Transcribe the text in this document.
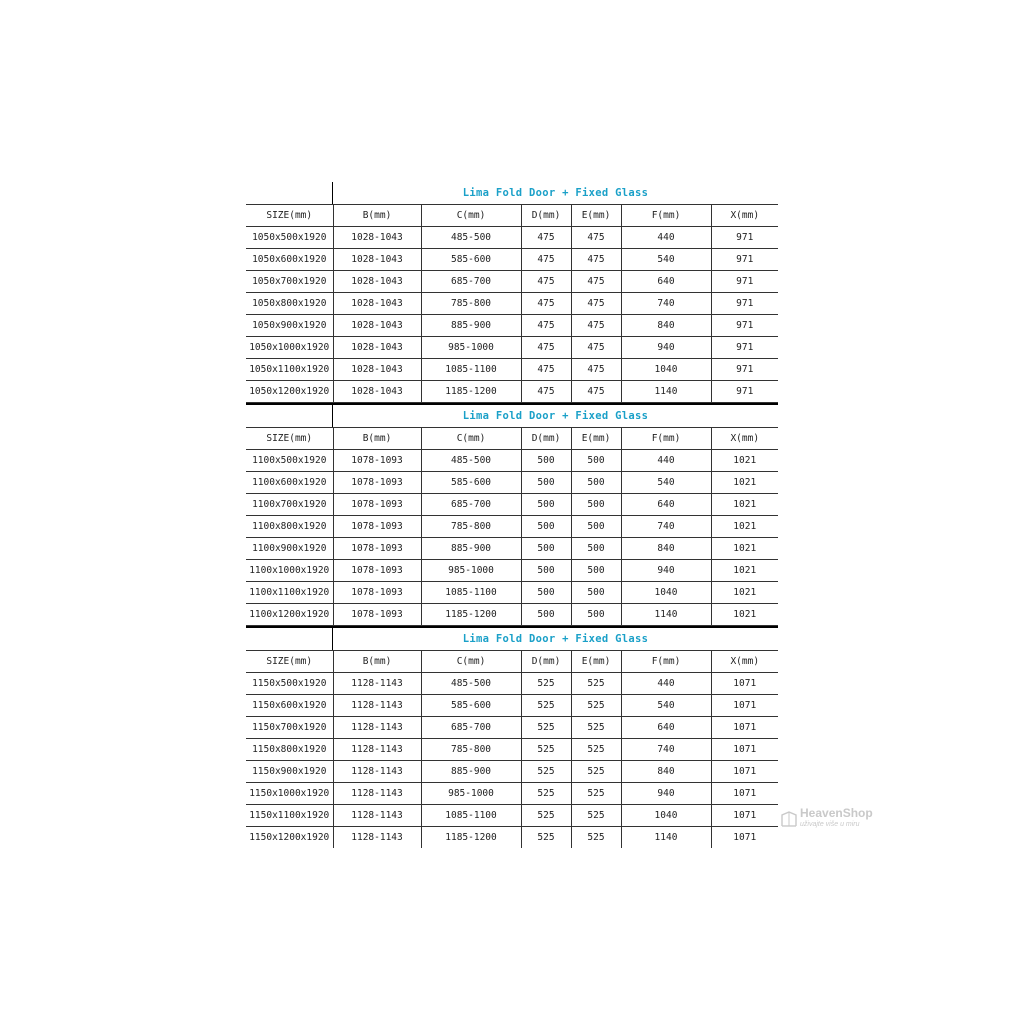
Lima Fold Door + Fixed Glass
SIZE(mm)	B(mm)	C(mm)	D(mm)	E(mm)	F(mm)	X(mm)
1050x500x1920	1028-1043	485-500	475	475	440	971
1050x600x1920	1028-1043	585-600	475	475	540	971
1050x700x1920	1028-1043	685-700	475	475	640	971
1050x800x1920	1028-1043	785-800	475	475	740	971
1050x900x1920	1028-1043	885-900	475	475	840	971
1050x1000x1920	1028-1043	985-1000	475	475	940	971
1050x1100x1920	1028-1043	1085-1100	475	475	1040	971
1050x1200x1920	1028-1043	1185-1200	475	475	1140	971
Lima Fold Door + Fixed Glass
SIZE(mm)	B(mm)	C(mm)	D(mm)	E(mm)	F(mm)	X(mm)
1100x500x1920	1078-1093	485-500	500	500	440	1021
1100x600x1920	1078-1093	585-600	500	500	540	1021
1100x700x1920	1078-1093	685-700	500	500	640	1021
1100x800x1920	1078-1093	785-800	500	500	740	1021
1100x900x1920	1078-1093	885-900	500	500	840	1021
1100x1000x1920	1078-1093	985-1000	500	500	940	1021
1100x1100x1920	1078-1093	1085-1100	500	500	1040	1021
1100x1200x1920	1078-1093	1185-1200	500	500	1140	1021
Lima Fold Door + Fixed Glass
SIZE(mm)	B(mm)	C(mm)	D(mm)	E(mm)	F(mm)	X(mm)
1150x500x1920	1128-1143	485-500	525	525	440	1071
1150x600x1920	1128-1143	585-600	525	525	540	1071
1150x700x1920	1128-1143	685-700	525	525	640	1071
1150x800x1920	1128-1143	785-800	525	525	740	1071
1150x900x1920	1128-1143	885-900	525	525	840	1071
1150x1000x1920	1128-1143	985-1000	525	525	940	1071
1150x1100x1920	1128-1143	1085-1100	525	525	1040	1071
1150x1200x1920	1128-1143	1185-1200	525	525	1140	1071
HeavenShop
uživajte više u miru
